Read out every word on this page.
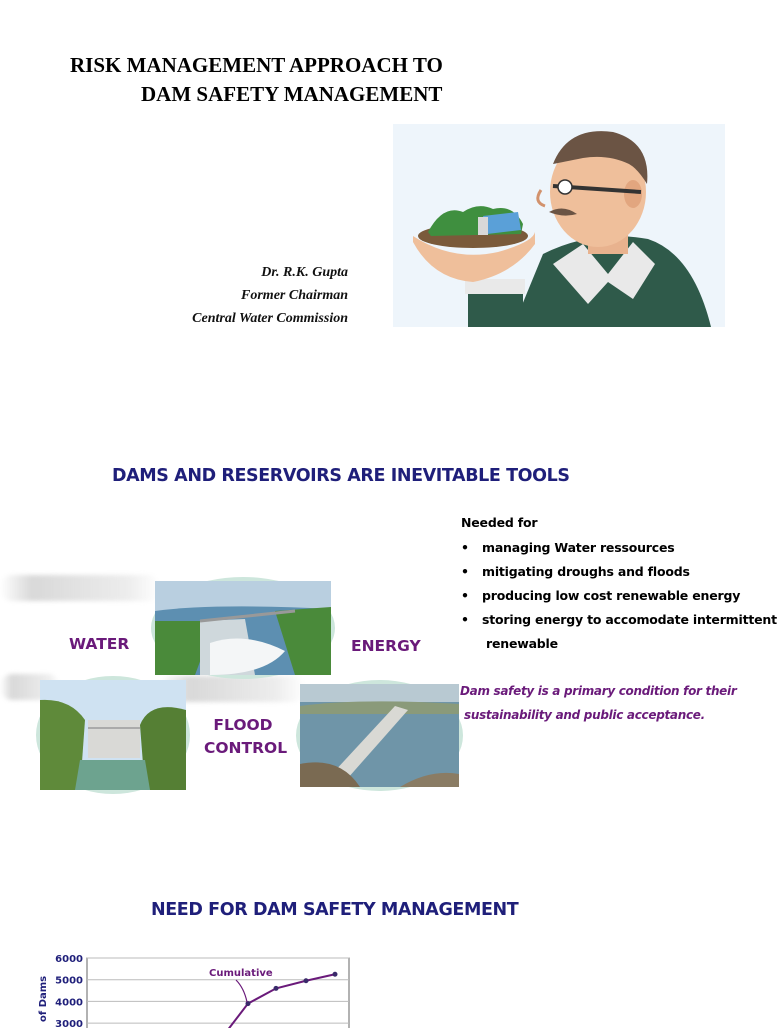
RISK MANAGEMENT APPROACH TO
DAM SAFETY MANAGEMENT
Dr. R.K. Gupta
Former Chairman
Central Water Commission
DAMS AND RESERVOIRS ARE INEVITABLE TOOLS
Needed for
• managing Water ressources
• mitigating droughs and floods
• producing low cost renewable energy
• storing energy to accomodate intermittent
renewable
WATER	ENERGY
FLOOD
CONTROL
Dam safety is a primary condition for their
sustainability and public acceptance.
NEED FOR DAM SAFETY MANAGEMENT
6000
5000
4000
3000
of Dams
Cumulative
